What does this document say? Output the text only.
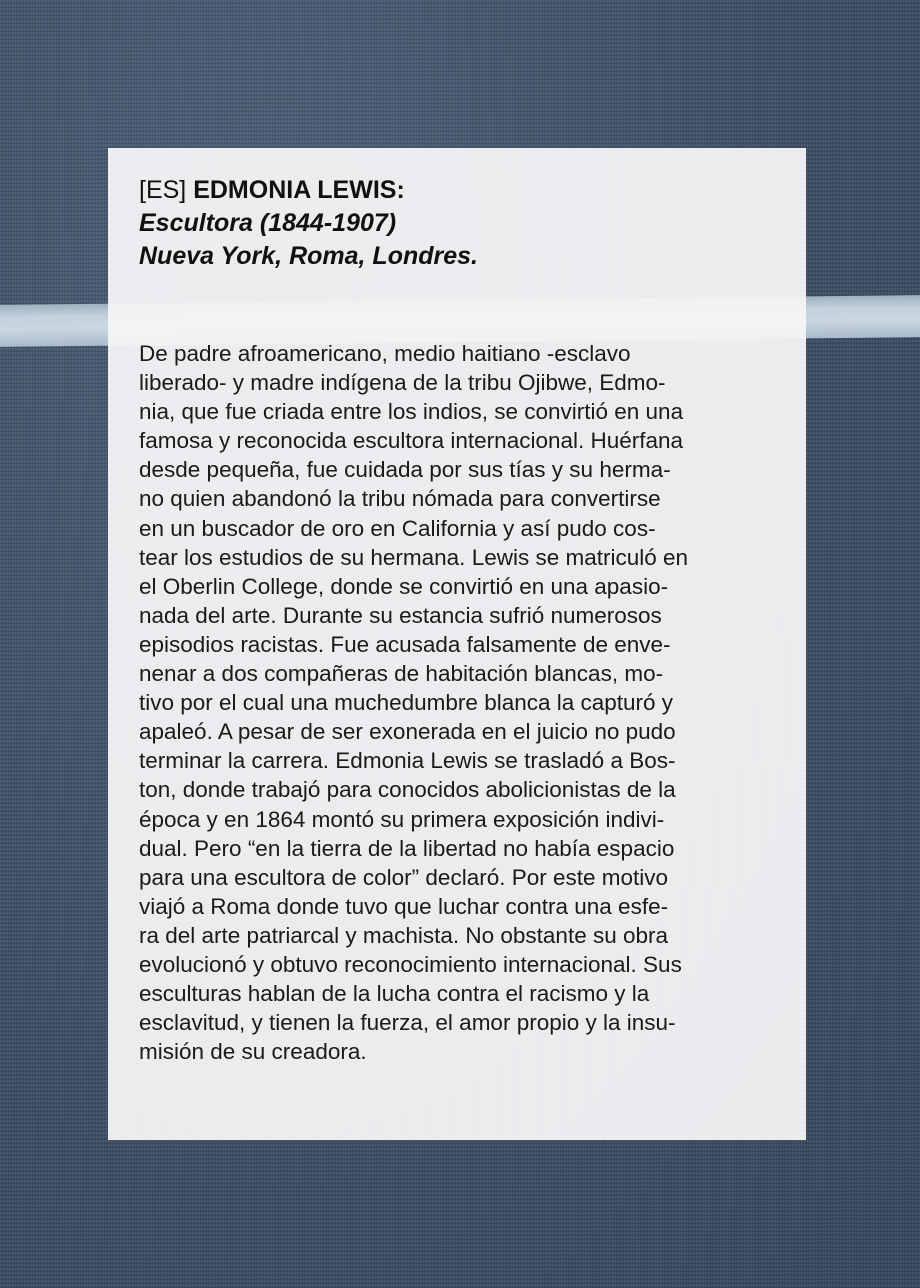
[ES] EDMONIA LEWIS:
Escultora (1844-1907)
Nueva York, Roma, Londres.
De padre afroamericano, medio haitiano -esclavo
liberado- y madre indígena de la tribu Ojibwe, Edmo-
nia, que fue criada entre los indios, se convirtió en una
famosa y reconocida escultora internacional. Huérfana
desde pequeña, fue cuidada por sus tías y su herma-
no quien abandonó la tribu nómada para convertirse
en un buscador de oro en California y así pudo cos-
tear los estudios de su hermana. Lewis se matriculó en
el Oberlin College, donde se convirtió en una apasio-
nada del arte. Durante su estancia sufrió numerosos
episodios racistas. Fue acusada falsamente de enve-
nenar a dos compañeras de habitación blancas, mo-
tivo por el cual una muchedumbre blanca la capturó y
apaleó. A pesar de ser exonerada en el juicio no pudo
terminar la carrera. Edmonia Lewis se trasladó a Bos-
ton, donde trabajó para conocidos abolicionistas de la
época y en 1864 montó su primera exposición indivi-
dual. Pero “en la tierra de la libertad no había espacio
para una escultora de color” declaró. Por este motivo
viajó a Roma donde tuvo que luchar contra una esfe-
ra del arte patriarcal y machista. No obstante su obra
evolucionó y obtuvo reconocimiento internacional. Sus
esculturas hablan de la lucha contra el racismo y la
esclavitud, y tienen la fuerza, el amor propio y la insu-
misión de su creadora.
